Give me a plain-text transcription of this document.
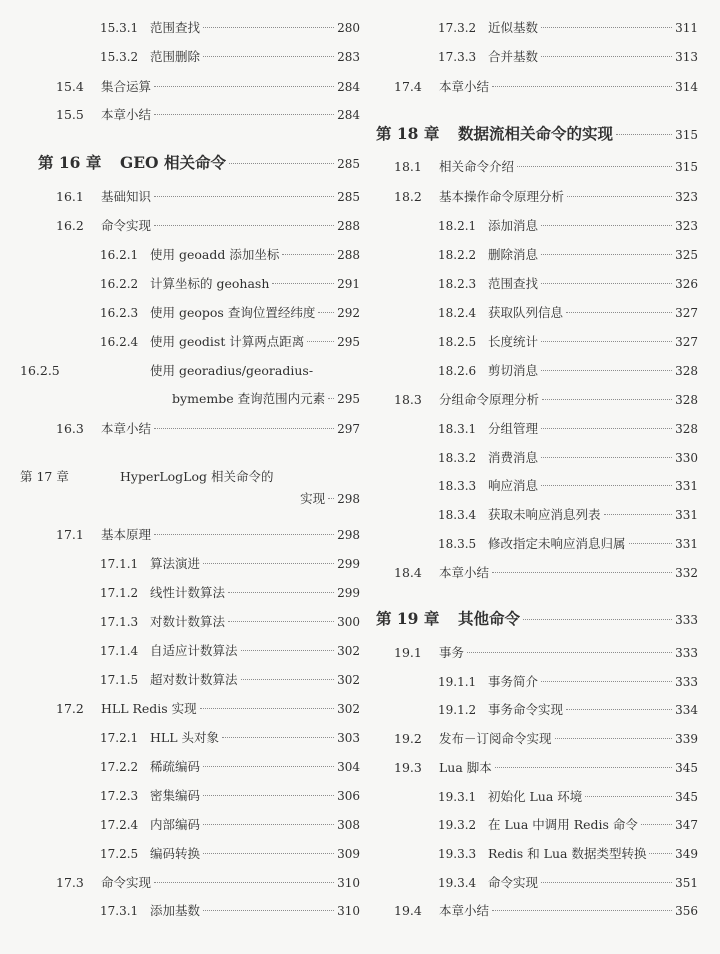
15.3.1 范围查找	280
15.3.2 范围删除	283
15.4 集合运算	284
15.5 本章小结	284
第 16 章 GEO 相关命令	285
16.1 基础知识	285
16.2 命令实现	288
16.2.1 使用 geoadd 添加坐标	288
16.2.2 计算坐标的 geohash	291
16.2.3 使用 geopos 查询位置经纬度 292
16.2.4 使用 geodist 计算两点距离	295
16.2.5	使用 georadius/georadius-
bymembe 查询范围内元素 295
16.3 本章小结	297
第 17 章	HyperLogLog 相关命令的
实现 298
17.1 基本原理	298
17.1.1 算法演进	299
17.1.2 线性计数算法	299
17.1.3 对数计数算法	300
17.1.4 自适应计数算法	302
17.1.5 超对数计数算法	302
17.2 HLL Redis 实现	302
17.2.1 HLL 头对象	303
17.2.2 稀疏编码	304
17.2.3 密集编码	306
17.2.4 内部编码	308
17.2.5 编码转换	309
17.3 命令实现	310
17.3.1 添加基数	310
17.3.2 近似基数	311
17.3.3 合并基数	313
17.4 本章小结	314
第 18 章 数据流相关命令的实现	315
18.1 相关命令介绍	315
18.2 基本操作命令原理分析	323
18.2.1 添加消息	323
18.2.2 删除消息	325
18.2.3 范围查找	326
18.2.4 获取队列信息	327
18.2.5 长度统计	327
18.2.6 剪切消息	328
18.3 分组命令原理分析	328
18.3.1 分组管理	328
18.3.2 消费消息	330
18.3.3 响应消息	331
18.3.4 获取未响应消息列表	331
18.3.5 修改指定未响应消息归属	331
18.4 本章小结	332
第 19 章 其他命令	333
19.1 事务	333
19.1.1 事务简介	333
19.1.2 事务命令实现	334
19.2 发布－订阅命令实现	339
19.3 Lua 脚本	345
19.3.1 初始化 Lua 环境	345
19.3.2 在 Lua 中调用 Redis 命令	347
19.3.3 Redis 和 Lua 数据类型转换 349
19.3.4 命令实现	351
19.4 本章小结	356
